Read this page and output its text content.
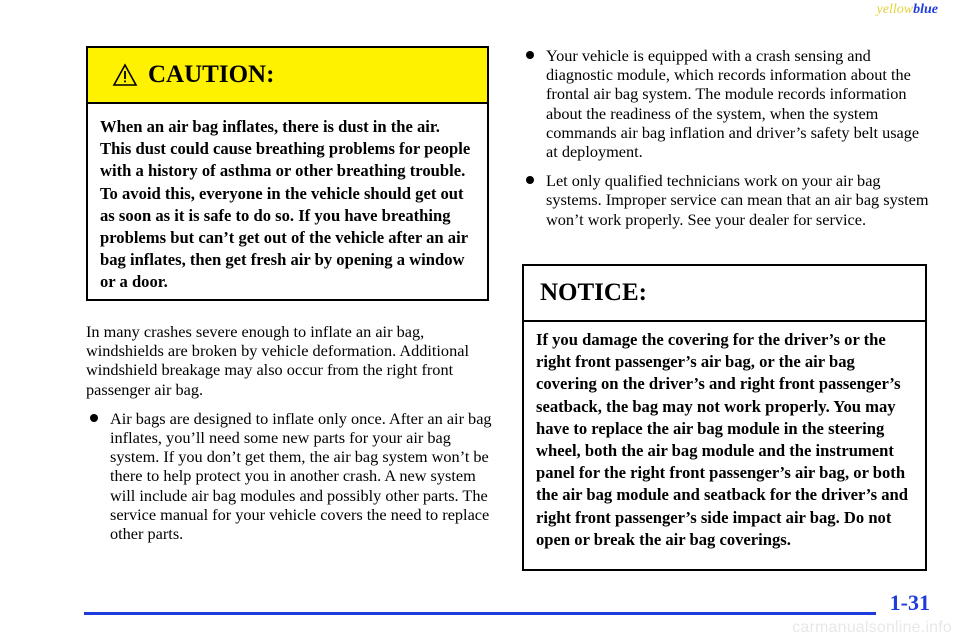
yellowblue
CAUTION:
When an air bag inflates, there is dust in the air. This dust could cause breathing problems for people with a history of asthma or other breathing trouble. To avoid this, everyone in the vehicle should get out as soon as it is safe to do so. If you have breathing problems but can’t get out of the vehicle after an air bag inflates, then get fresh air by opening a window or a door.

In many crashes severe enough to inflate an air bag, windshields are broken by vehicle deformation. Additional windshield breakage may also occur from the right front passenger air bag.

Air bags are designed to inflate only once. After an air bag inflates, you’ll need some new parts for your air bag system. If you don’t get them, the air bag system won’t be there to help protect you in another crash. A new system will include air bag modules and possibly other parts. The service manual for your vehicle covers the need to replace other parts.
Your vehicle is equipped with a crash sensing and diagnostic module, which records information about the frontal air bag system. The module records information about the readiness of the system, when the system commands air bag inflation and driver’s safety belt usage at deployment.
Let only qualified technicians work on your air bag systems. Improper service can mean that an air bag system won’t work properly. See your dealer for service.
NOTICE:
If you damage the covering for the driver’s or the right front passenger’s air bag, or the air bag covering on the driver’s and right front passenger’s seatback, the bag may not work properly. You may have to replace the air bag module in the steering wheel, both the air bag module and the instrument panel for the right front passenger’s air bag, or both the air bag module and seatback for the driver’s and right front passenger’s side impact air bag. Do not open or break the air bag coverings.
1-31
carmanualsonline.info
